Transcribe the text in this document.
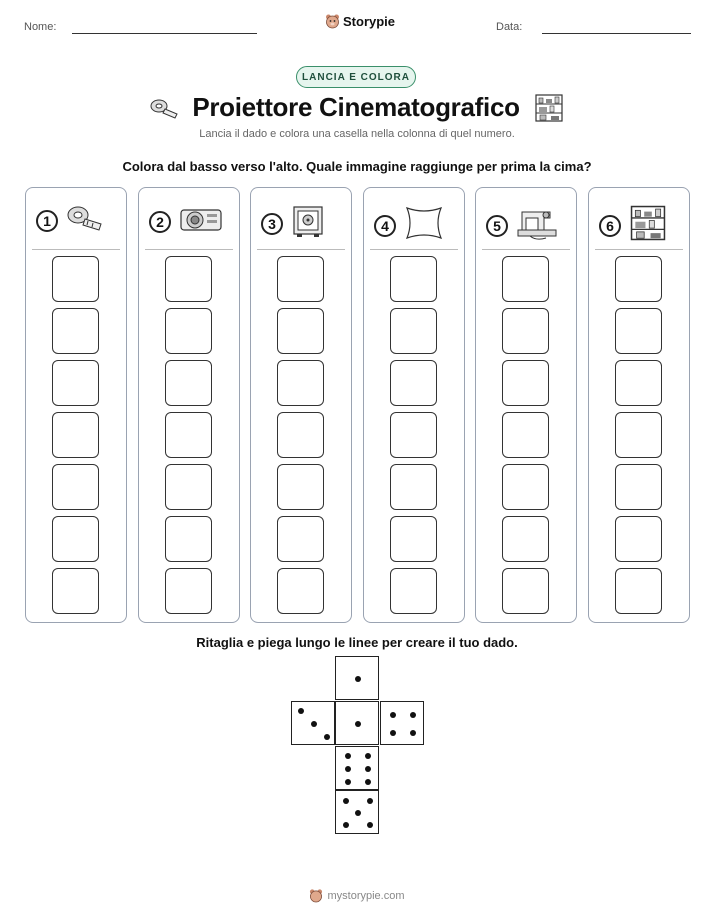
Nome:	Storypie	Data:
LANCIA E COLORA
Proiettore Cinematografico
Lancia il dado e colora una casella nella colonna di quel numero.
Colora dal basso verso l'alto. Quale immagine raggiunge per prima la cima?
1	2	3	4	5	6
Ritaglia e piega lungo le linee per creare il tuo dado.
mystorypie.com
